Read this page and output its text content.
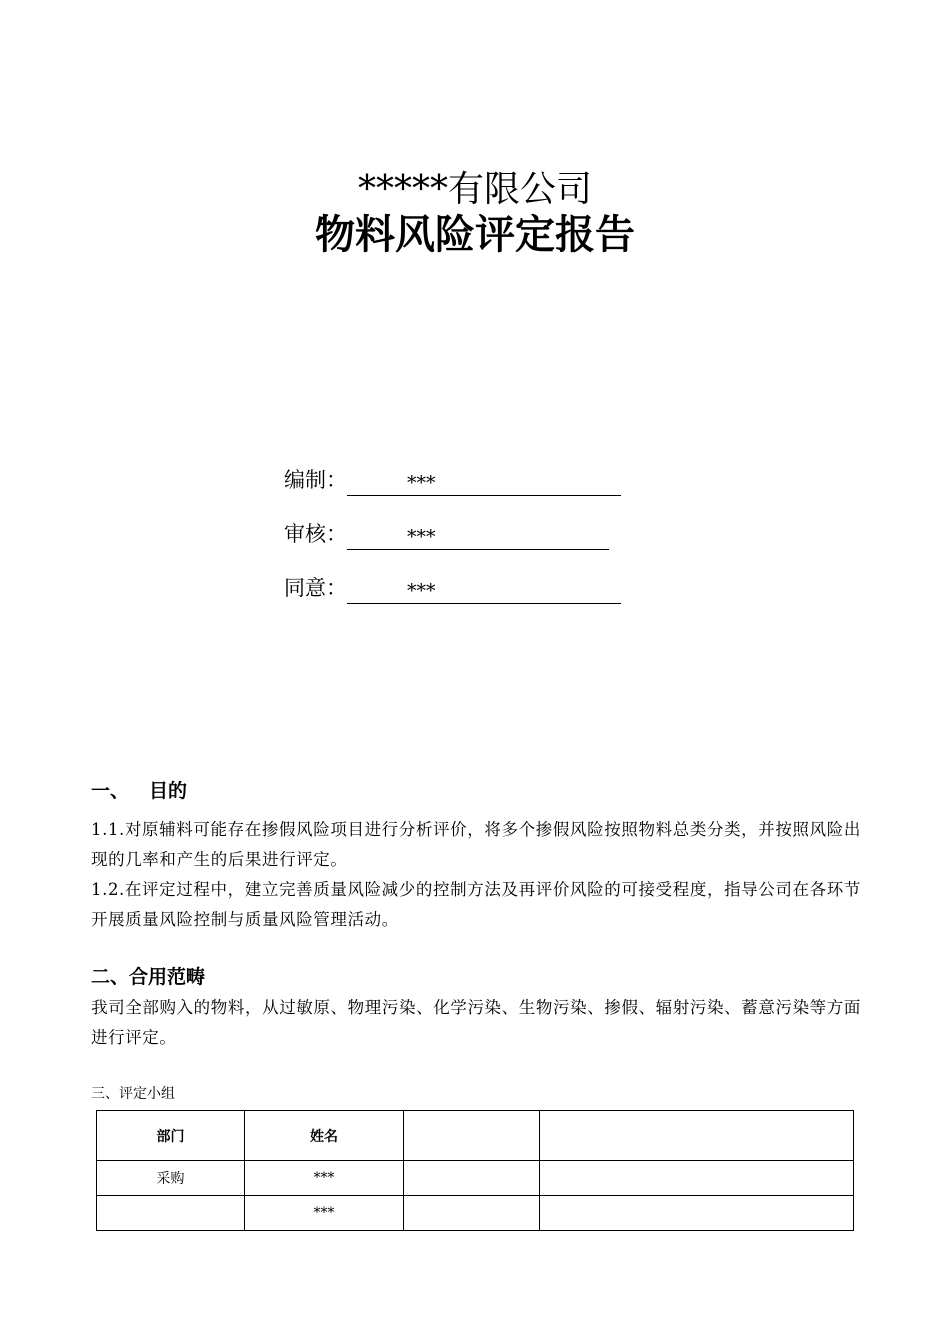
*****有限公司
物料风险评定报告
编制：	***
审核：	***
同意：	***
一、 目的
1.1.对原辅料可能存在掺假风险项目进行分析评价，将多个掺假风险按照物料总类分类，并按照风险出现的几率和产生的后果进行评定。
1.2.在评定过程中，建立完善质量风险减少的控制方法及再评价风险的可接受程度，指导公司在各环节开展质量风险控制与质量风险管理活动。
二、合用范畴
我司全部购入的物料，从过敏原、物理污染、化学污染、生物污染、掺假、辐射污染、蓄意污染等方面进行评定。
三、评定小组
部门	姓名		
采购	***		
	***		
